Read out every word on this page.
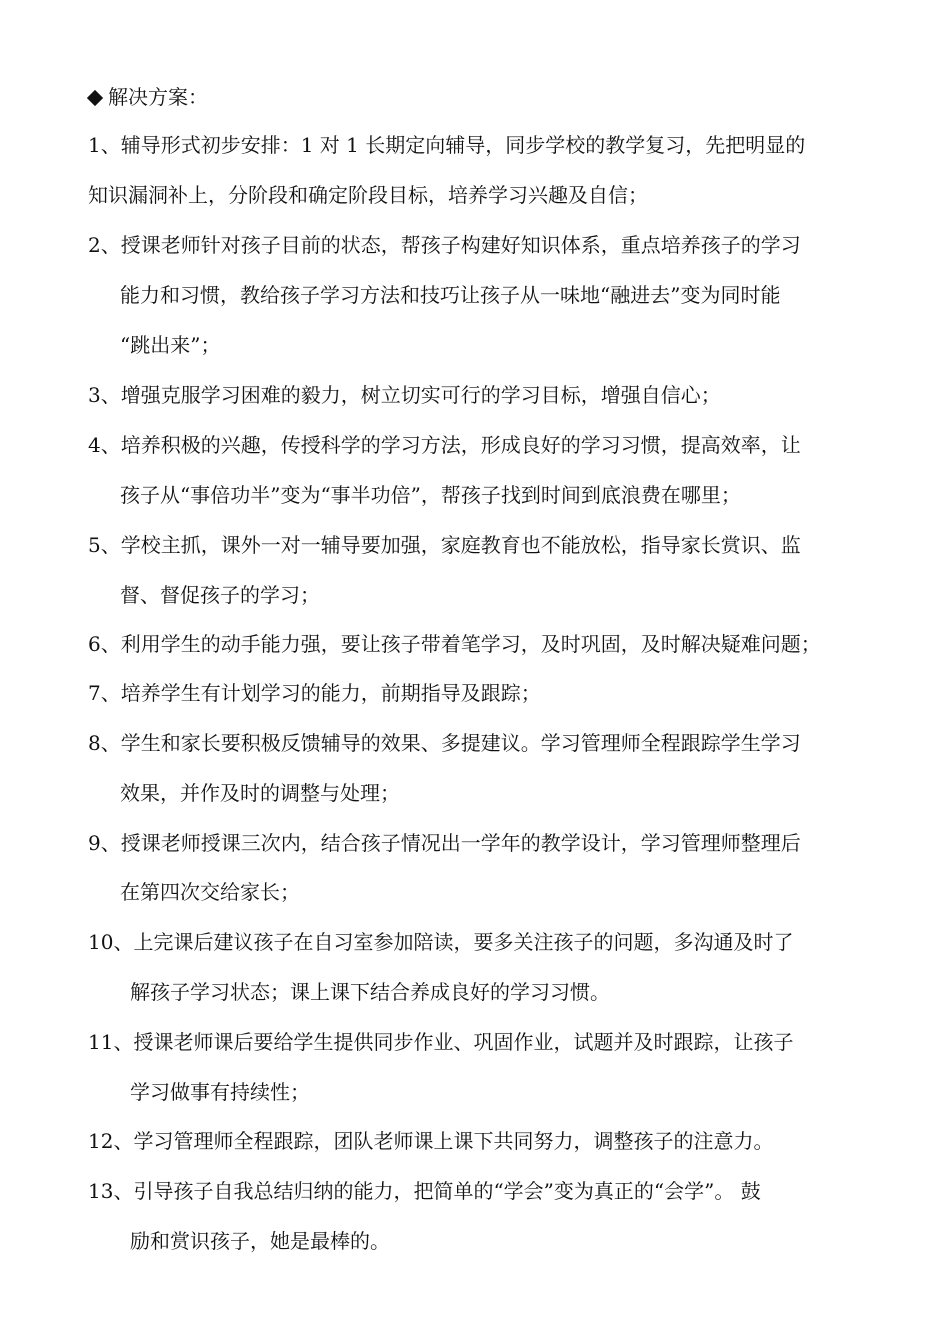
解决方案：
1、辅导形式初步安排：1 对 1 长期定向辅导，同步学校的教学复习，先把明显的
知识漏洞补上，分阶段和确定阶段目标，培养学习兴趣及自信；
2、授课老师针对孩子目前的状态，帮孩子构建好知识体系，重点培养孩子的学习
能力和习惯，教给孩子学习方法和技巧让孩子从一味地“融进去”变为同时能
“跳出来”；
3、增强克服学习困难的毅力，树立切实可行的学习目标，增强自信心；
4、培养积极的兴趣，传授科学的学习方法，形成良好的学习习惯，提高效率，让
孩子从“事倍功半”变为“事半功倍”，帮孩子找到时间到底浪费在哪里；
5、学校主抓，课外一对一辅导要加强，家庭教育也不能放松，指导家长赏识、监
督、督促孩子的学习；
6、利用学生的动手能力强，要让孩子带着笔学习，及时巩固，及时解决疑难问题；
7、培养学生有计划学习的能力，前期指导及跟踪；
8、学生和家长要积极反馈辅导的效果、多提建议。学习管理师全程跟踪学生学习
效果，并作及时的调整与处理；
9、授课老师授课三次内，结合孩子情况出一学年的教学设计，学习管理师整理后
在第四次交给家长；
10、上完课后建议孩子在自习室参加陪读，要多关注孩子的问题，多沟通及时了
解孩子学习状态；课上课下结合养成良好的学习习惯。
11、授课老师课后要给学生提供同步作业、巩固作业，试题并及时跟踪，让孩子
学习做事有持续性；
12、学习管理师全程跟踪，团队老师课上课下共同努力，调整孩子的注意力。
13、引导孩子自我总结归纳的能力，把简单的“学会”变为真正的“会学”。 鼓
励和赏识孩子，她是最棒的。
